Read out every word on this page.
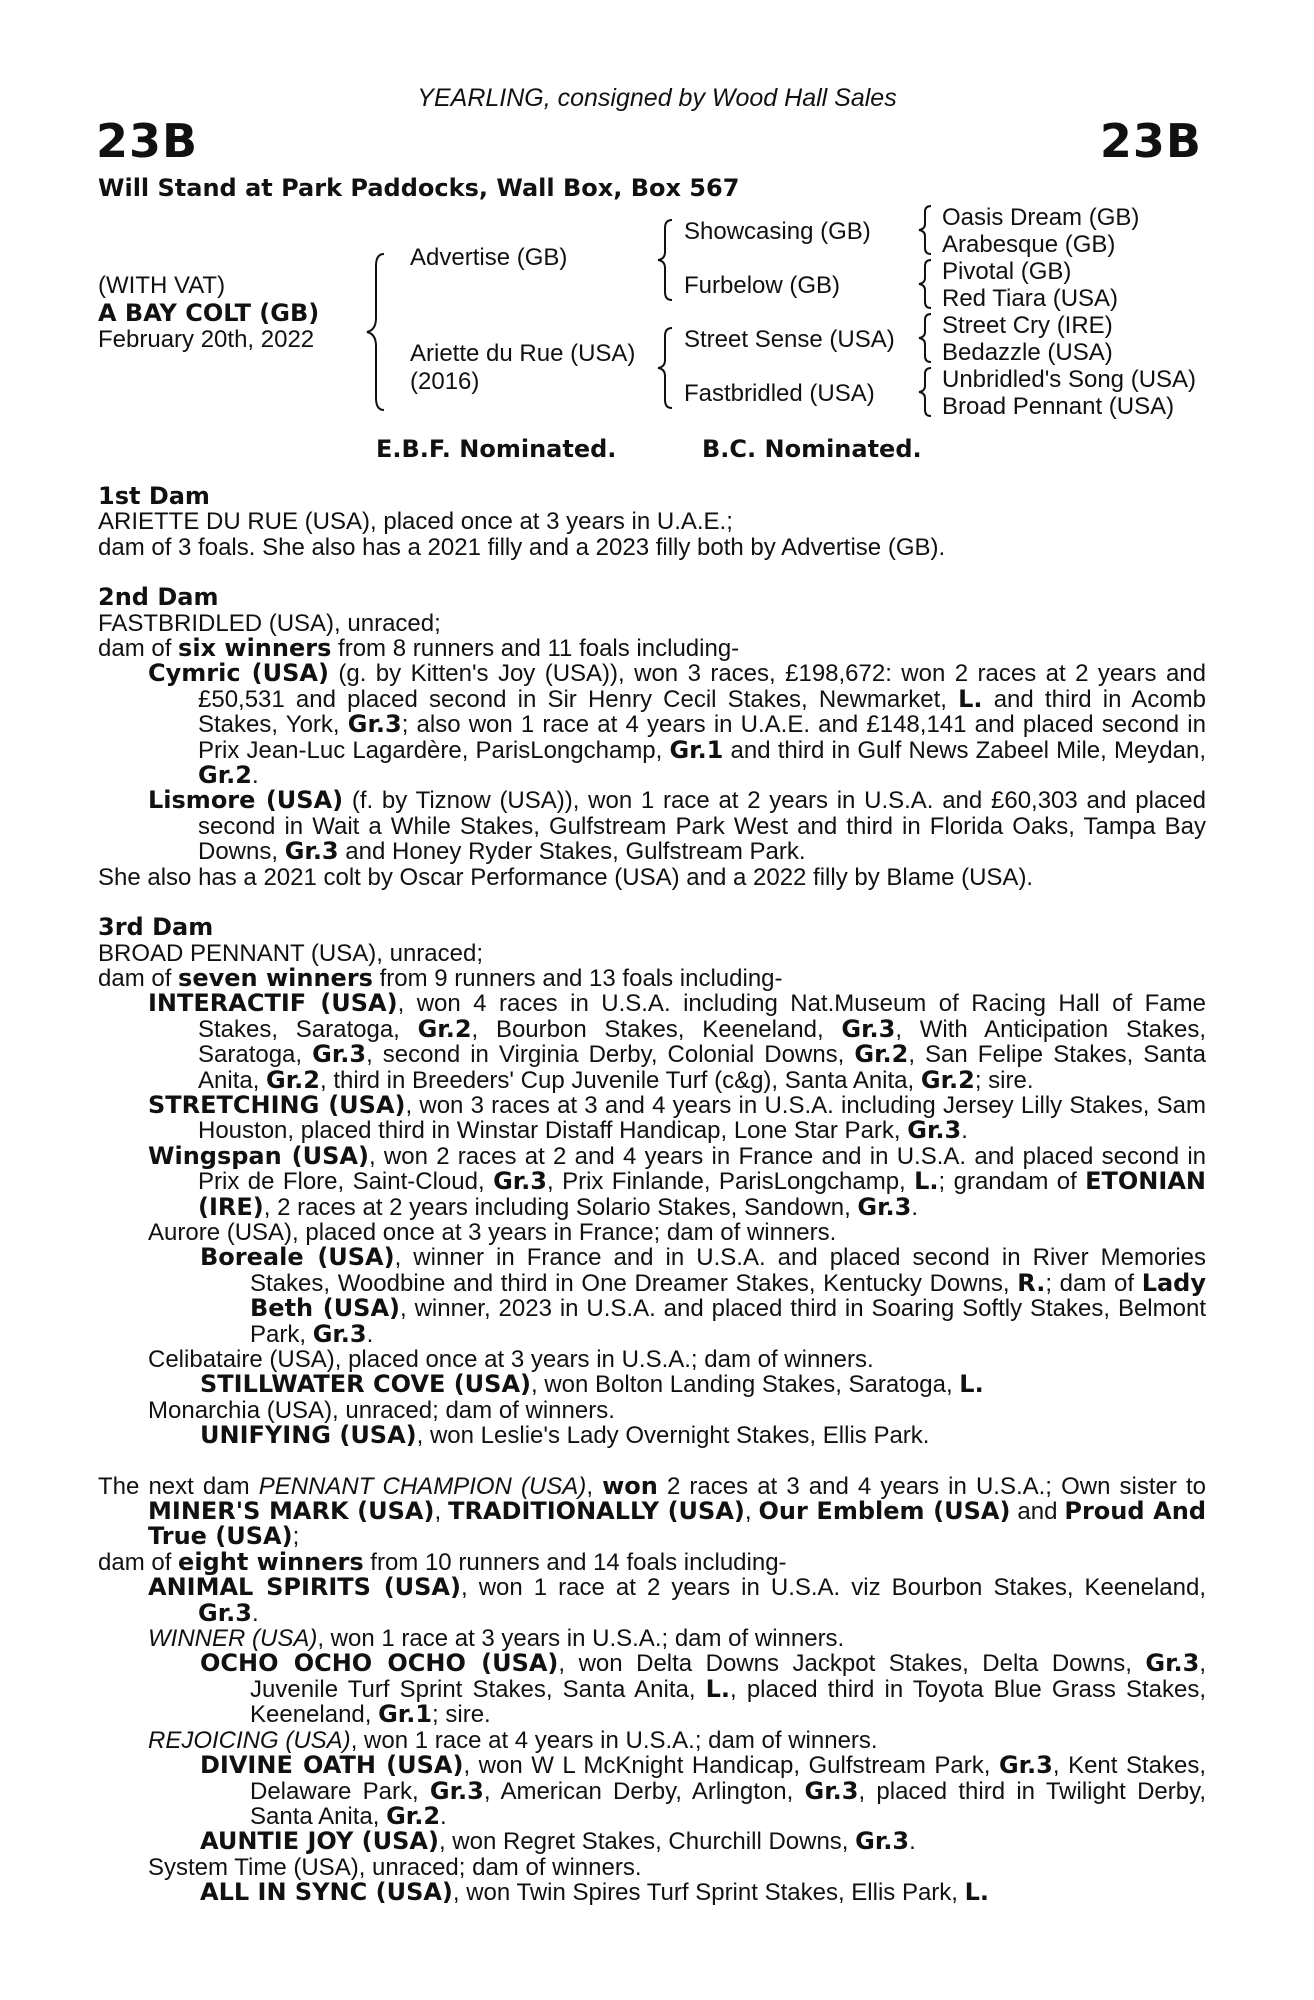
YEARLING, consigned by Wood Hall Sales

23B	23B

Will Stand at Park Paddocks, Wall Box, Box 567

(WITH VAT)

A BAY COLT (GB)

February 20th, 2022

Advertise (GB)

Ariette du Rue (USA)

(2016)

Showcasing (GB)

Furbelow (GB)

Street Sense (USA)

Fastbridled (USA)

Oasis Dream (GB)

Arabesque (GB)

Pivotal (GB)

Red Tiara (USA)

Street Cry (IRE)

Bedazzle (USA)

Unbridled's Song (USA)

Broad Pennant (USA)

E.B.F. Nominated.	B.C. Nominated.

1st Dam

ARIETTE DU RUE (USA), placed once at 3 years in U.A.E.;

dam of 3 foals. She also has a 2021 filly and a 2023 filly both by Advertise (GB).

2nd Dam

FASTBRIDLED (USA), unraced;

dam of six winners from 8 runners and 11 foals including-

Cymric (USA) (g. by Kitten's Joy (USA)), won 3 races, £198,672: won 2 races at 2 years and £50,531 and placed second in Sir Henry Cecil Stakes, Newmarket, L. and third in Acomb Stakes, York, Gr.3; also won 1 race at 4 years in U.A.E. and £148,141 and placed second in Prix Jean-Luc Lagardère, ParisLongchamp, Gr.1 and third in Gulf News Zabeel Mile, Meydan, Gr.2.

Lismore (USA) (f. by Tiznow (USA)), won 1 race at 2 years in U.S.A. and £60,303 and placed second in Wait a While Stakes, Gulfstream Park West and third in Florida Oaks, Tampa Bay Downs, Gr.3 and Honey Ryder Stakes, Gulfstream Park.

She also has a 2021 colt by Oscar Performance (USA) and a 2022 filly by Blame (USA).

3rd Dam

BROAD PENNANT (USA), unraced;

dam of seven winners from 9 runners and 13 foals including-

INTERACTIF (USA), won 4 races in U.S.A. including Nat.Museum of Racing Hall of Fame Stakes, Saratoga, Gr.2, Bourbon Stakes, Keeneland, Gr.3, With Anticipation Stakes, Saratoga, Gr.3, second in Virginia Derby, Colonial Downs, Gr.2, San Felipe Stakes, Santa Anita, Gr.2, third in Breeders' Cup Juvenile Turf (c&g), Santa Anita, Gr.2; sire.

STRETCHING (USA), won 3 races at 3 and 4 years in U.S.A. including Jersey Lilly Stakes, Sam Houston, placed third in Winstar Distaff Handicap, Lone Star Park, Gr.3.

Wingspan (USA), won 2 races at 2 and 4 years in France and in U.S.A. and placed second in Prix de Flore, Saint-Cloud, Gr.3, Prix Finlande, ParisLongchamp, L.; grandam of ETONIAN (IRE), 2 races at 2 years including Solario Stakes, Sandown, Gr.3.

Aurore (USA), placed once at 3 years in France; dam of winners.

Boreale (USA), winner in France and in U.S.A. and placed second in River Memories Stakes, Woodbine and third in One Dreamer Stakes, Kentucky Downs, R.; dam of Lady Beth (USA), winner, 2023 in U.S.A. and placed third in Soaring Softly Stakes, Belmont Park, Gr.3.

Celibataire (USA), placed once at 3 years in U.S.A.; dam of winners.

STILLWATER COVE (USA), won Bolton Landing Stakes, Saratoga, L.

Monarchia (USA), unraced; dam of winners.

UNIFYING (USA), won Leslie's Lady Overnight Stakes, Ellis Park.

The next dam PENNANT CHAMPION (USA), won 2 races at 3 and 4 years in U.S.A.; Own sister to MINER'S MARK (USA), TRADITIONALLY (USA), Our Emblem (USA) and Proud And True (USA);

dam of eight winners from 10 runners and 14 foals including-

ANIMAL SPIRITS (USA), won 1 race at 2 years in U.S.A. viz Bourbon Stakes, Keeneland, Gr.3.

WINNER (USA), won 1 race at 3 years in U.S.A.; dam of winners.

OCHO OCHO OCHO (USA), won Delta Downs Jackpot Stakes, Delta Downs, Gr.3, Juvenile Turf Sprint Stakes, Santa Anita, L., placed third in Toyota Blue Grass Stakes, Keeneland, Gr.1; sire.

REJOICING (USA), won 1 race at 4 years in U.S.A.; dam of winners.

DIVINE OATH (USA), won W L McKnight Handicap, Gulfstream Park, Gr.3, Kent Stakes, Delaware Park, Gr.3, American Derby, Arlington, Gr.3, placed third in Twilight Derby, Santa Anita, Gr.2.

AUNTIE JOY (USA), won Regret Stakes, Churchill Downs, Gr.3.

System Time (USA), unraced; dam of winners.

ALL IN SYNC (USA), won Twin Spires Turf Sprint Stakes, Ellis Park, L.
